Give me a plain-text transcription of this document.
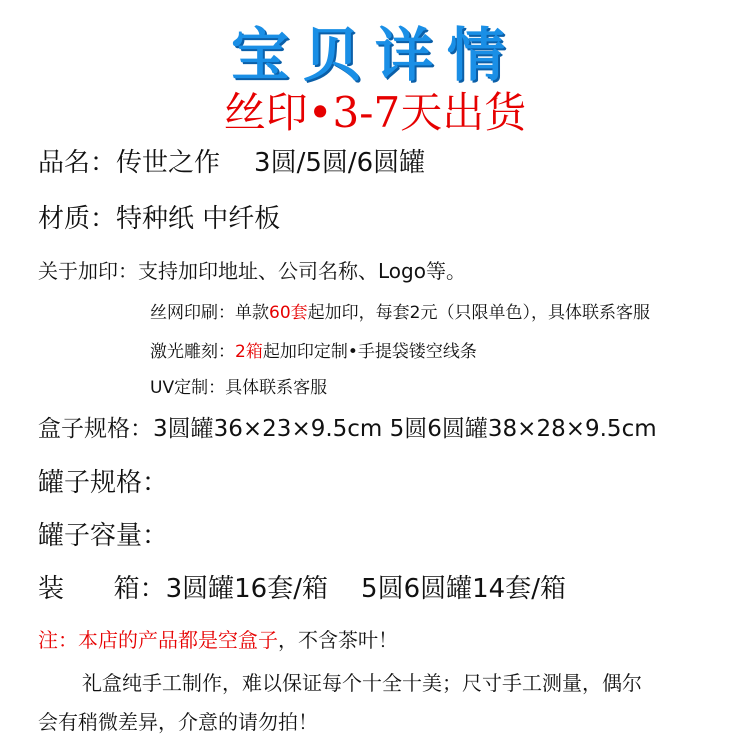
宝贝详情
丝印•3-7天出货
品名：传世之作 3圆/5圆/6圆罐
材质：特种纸 中纤板
关于加印：支持加印地址、公司名称、Logo等。
丝网印刷：单款60套起加印，每套2元（只限单色），具体联系客服
激光雕刻：2箱起加印定制•手提袋镂空线条
UV定制：具体联系客服
盒子规格：3圆罐36×23×9.5cm 5圆6圆罐38×28×9.5cm
罐子规格：
罐子容量：
装      箱：3圆罐16套/箱    5圆6圆罐14套/箱
注：本店的产品都是空盒子，不含茶叶！
礼盒纯手工制作，难以保证每个十全十美；尺寸手工测量，偶尔
会有稍微差异，介意的请勿拍！
